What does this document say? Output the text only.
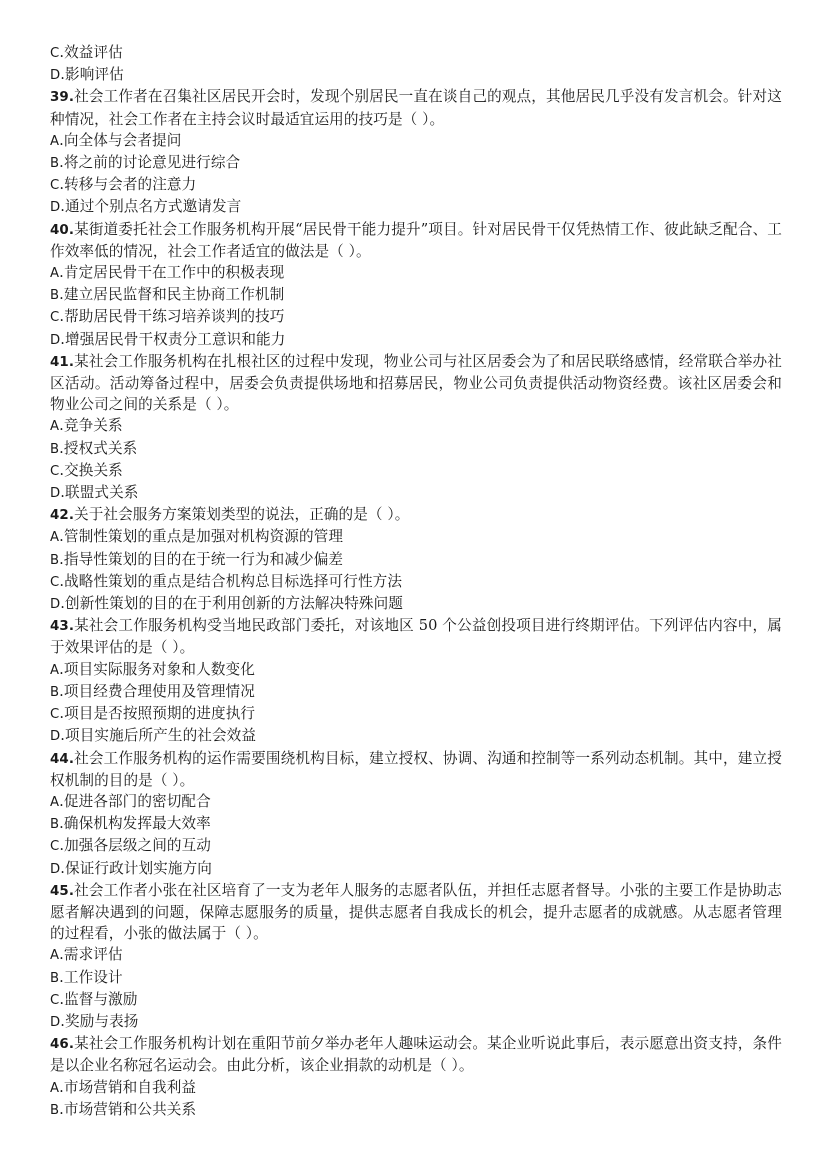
C.效益评估

D.影响评估

39.社会工作者在召集社区居民开会时，发现个别居民一直在谈自己的观点，其他居民几乎没有发言机会。针对这种情况，社会工作者在主持会议时最适宜运用的技巧是（ ）。

A.向全体与会者提问

B.将之前的讨论意见进行综合

C.转移与会者的注意力

D.通过个别点名方式邀请发言

40.某街道委托社会工作服务机构开展“居民骨干能力提升”项目。针对居民骨干仅凭热情工作、彼此缺乏配合、工作效率低的情况，社会工作者适宜的做法是（ ）。

A.肯定居民骨干在工作中的积极表现

B.建立居民监督和民主协商工作机制

C.帮助居民骨干练习培养谈判的技巧

D.增强居民骨干权责分工意识和能力

41.某社会工作服务机构在扎根社区的过程中发现，物业公司与社区居委会为了和居民联络感情，经常联合举办社区活动。活动筹备过程中，居委会负责提供场地和招募居民，物业公司负责提供活动物资经费。该社区居委会和物业公司之间的关系是（ ）。

A.竞争关系

B.授权式关系

C.交换关系

D.联盟式关系

42.关于社会服务方案策划类型的说法，正确的是（ ）。

A.管制性策划的重点是加强对机构资源的管理

B.指导性策划的目的在于统一行为和减少偏差

C.战略性策划的重点是结合机构总目标选择可行性方法

D.创新性策划的目的在于利用创新的方法解决特殊问题

43.某社会工作服务机构受当地民政部门委托，对该地区 50 个公益创投项目进行终期评估。下列评估内容中，属于效果评估的是（ ）。

A.项目实际服务对象和人数变化

B.项目经费合理使用及管理情况

C.项目是否按照预期的进度执行

D.项目实施后所产生的社会效益

44.社会工作服务机构的运作需要围绕机构目标，建立授权、协调、沟通和控制等一系列动态机制。其中，建立授权机制的目的是（ ）。

A.促进各部门的密切配合

B.确保机构发挥最大效率

C.加强各层级之间的互动

D.保证行政计划实施方向

45.社会工作者小张在社区培育了一支为老年人服务的志愿者队伍，并担任志愿者督导。小张的主要工作是协助志愿者解决遇到的问题，保障志愿服务的质量，提供志愿者自我成长的机会，提升志愿者的成就感。从志愿者管理的过程看，小张的做法属于（ ）。

A.需求评估

B.工作设计

C.监督与激励

D.奖励与表扬

46.某社会工作服务机构计划在重阳节前夕举办老年人趣味运动会。某企业听说此事后，表示愿意出资支持，条件是以企业名称冠名运动会。由此分析，该企业捐款的动机是（ ）。

A.市场营销和自我利益

B.市场营销和公共关系
